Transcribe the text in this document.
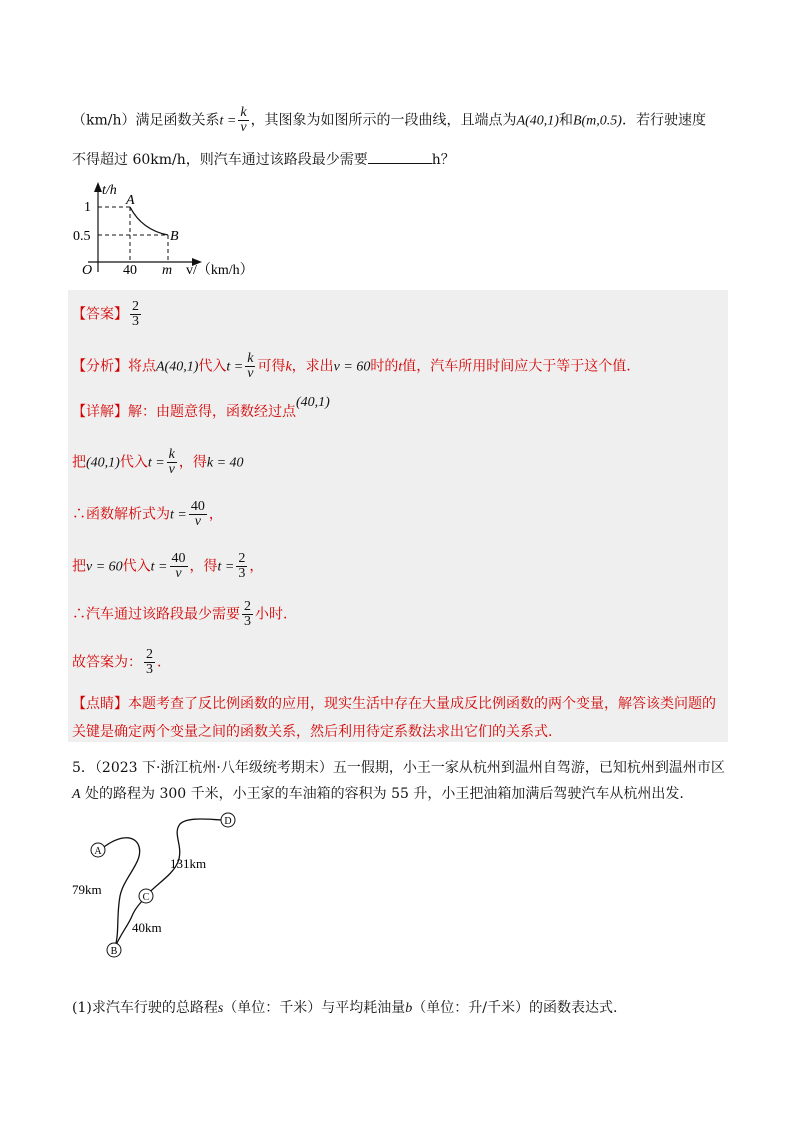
（km/h）满足函数关系$t = \frac{k}{v}$ ，其图象为如图所示的一段曲线，且端点为A(40,1)和B(m,0.5)．若行驶速度
不得超过 60km/h，则汽车通过该路段最少需要	h？
t/h
1
0.5
A
B
O 40 m v/（km/h）
【答案】 $\frac{2}{3}$
【分析】将点A(40,1)代入$t = \frac{k}{v}$ 可得k，求出v = 60时的t值，汽车所用时间应大于等于这个值.
【详解】解：由题意得，函数经过点(40,1)
把(40,1)代入$t = \frac{k}{v}$ ，得k = 40
∴函数解析式为$t = \frac{40}{v}$ ，
把v = 60代入$t = \frac{40}{v}$ ，得$t = \frac{2}{3}$ ，
∴汽车通过该路段最少需要 $\frac{2}{3}$ 小时.
故答案为： $\frac{2}{3}$ .
【点睛】本题考查了反比例函数的应用，现实生活中存在大量成反比例函数的两个变量，解答该类问题的
关键是确定两个变量之间的函数关系，然后利用待定系数法求出它们的关系式.
5．（2023 下·浙江杭州·八年级统考期末）五一假期，小王一家从杭州到温州自驾游，已知杭州到温州市区
A 处的路程为 300 千米，小王家的车油箱的容积为 55 升，小王把油箱加满后驾驶汽车从杭州出发.
A
B
C
D
79km
40km
131km
(1)求汽车行驶的总路程s（单位：千米）与平均耗油量b（单位：升/千米）的函数表达式.
